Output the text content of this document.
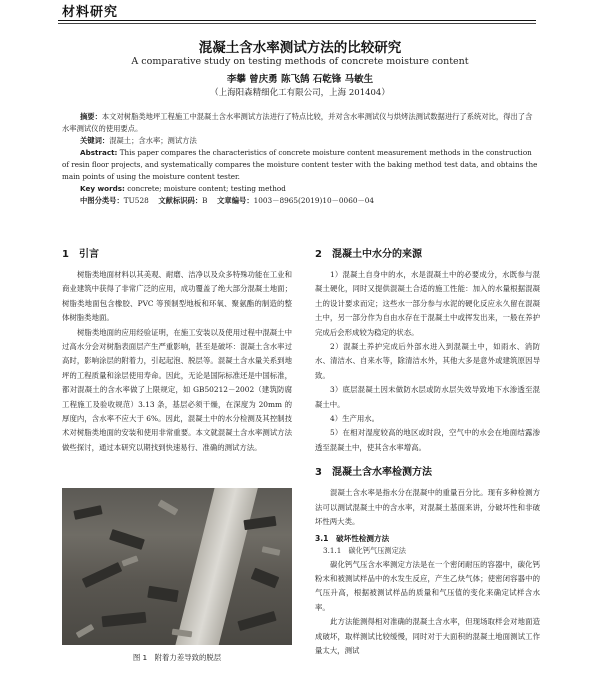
材料研究
混凝土含水率测试方法的比较研究
A comparative study on testing methods of concrete moisture content
李攀 曾庆勇 陈飞鹄 石乾锋 马敏生
（上海阳森精细化工有限公司，上海 201404）

摘要：本文对树脂类地坪工程施工中混凝土含水率测试方法进行了特点比较，并对含水率测试仪与烘烤法测试数据进行了系统对比，得出了含水率测试仪的使用要点。

关键词：混凝土；含水率；测试方法

Abstract: This paper compares the characteristics of concrete moisture content measurement methods in the construction of resin floor projects, and systematically compares the moisture content tester with the baking method test data, and obtains the main points of using the moisture content tester.

Key words: concrete; moisture content; testing method

中图分类号：TU528　 文献标识码：B　 文章编号：1003－8965(2019)10－0060－04

1　引言

树脂类地面材料以其美观、耐磨、洁净以及众多特殊功能在工业和商业建筑中获得了非常广泛的应用，成功覆盖了绝大部分混凝土地面；树脂类地面包含橡胶、PVC 等预制型地板和环氧、聚氨酯的制造的整体树脂类地面。

树脂类地面的应用经验证明，在施工安装以及使用过程中混凝土中过高水分会对树脂表面层产生严重影响，甚至是破坏：混凝土含水率过高时，影响涂层的附着力，引起起泡、脱层等。混凝土含水量关系到地坪的工程质量和涂层使用寿命。因此，无论是国际标准还是中国标准，都对混凝土的含水率做了上限规定，如 GB50212－2002（建筑防腐工程施工及验收规范）3.13 条，基层必须干燥，在深度为 20mm 的厚度内，含水率不应大于 6%。因此，混凝土中的水分检测及其控制技术对树脂类地面的安装和使用非常重要。本文就混凝土含水率测试方法做些探讨，通过本研究以期找到快速易行、准确的测试方法。

图 1　附着力差导致的脱层
2　混凝土中水分的来源

1）混凝土自身中的水，水是混凝土中的必要成分，水既参与混凝土硬化，同时又提供混凝土合适的施工性能：加入的水量根据混凝土的设计要求而定；这些水一部分参与水泥的硬化反应永久留在混凝土中，另一部分作为自由水存在于混凝土中或挥发出来，一般在养护完成后会形成较为稳定的状态。

2）混凝土养护完成后外部水进入到混凝土中，如雨水、消防水、清洁水、自来水等，除清洁水外，其他大多是意外或建筑原因导致。

3）底层混凝土因未做防水层或防水层失效导致地下水渗透至混凝土中。

4）生产用水。

5）在相对湿度较高的地区或时段，空气中的水会在地面结露渗透至混凝土中，使其含水率增高。

3　混凝土含水率检测方法

混凝土含水率是指水分在混凝中的重量百分比。现有多种检测方法可以测试混凝土中的含水率，对混凝土基面来讲，分破坏性和非破坏性两大类。

3.1　破坏性检测方法
3.1.1　碳化钙气压测定法

碳化钙气压含水率测定方法是在一个密闭耐压的容器中，碳化钙粉末和被测试样品中的水发生反应，产生乙炔气体；使密闭容器中的气压升高，根据被测试样品的质量和气压值的变化来确定试样含水率。

此方法能测得相对准确的混凝土含水率，但现场取样会对地面造成破坏，取样测试比较缓慢，同时对于大面积的混凝土地面测试工作量太大，测试
